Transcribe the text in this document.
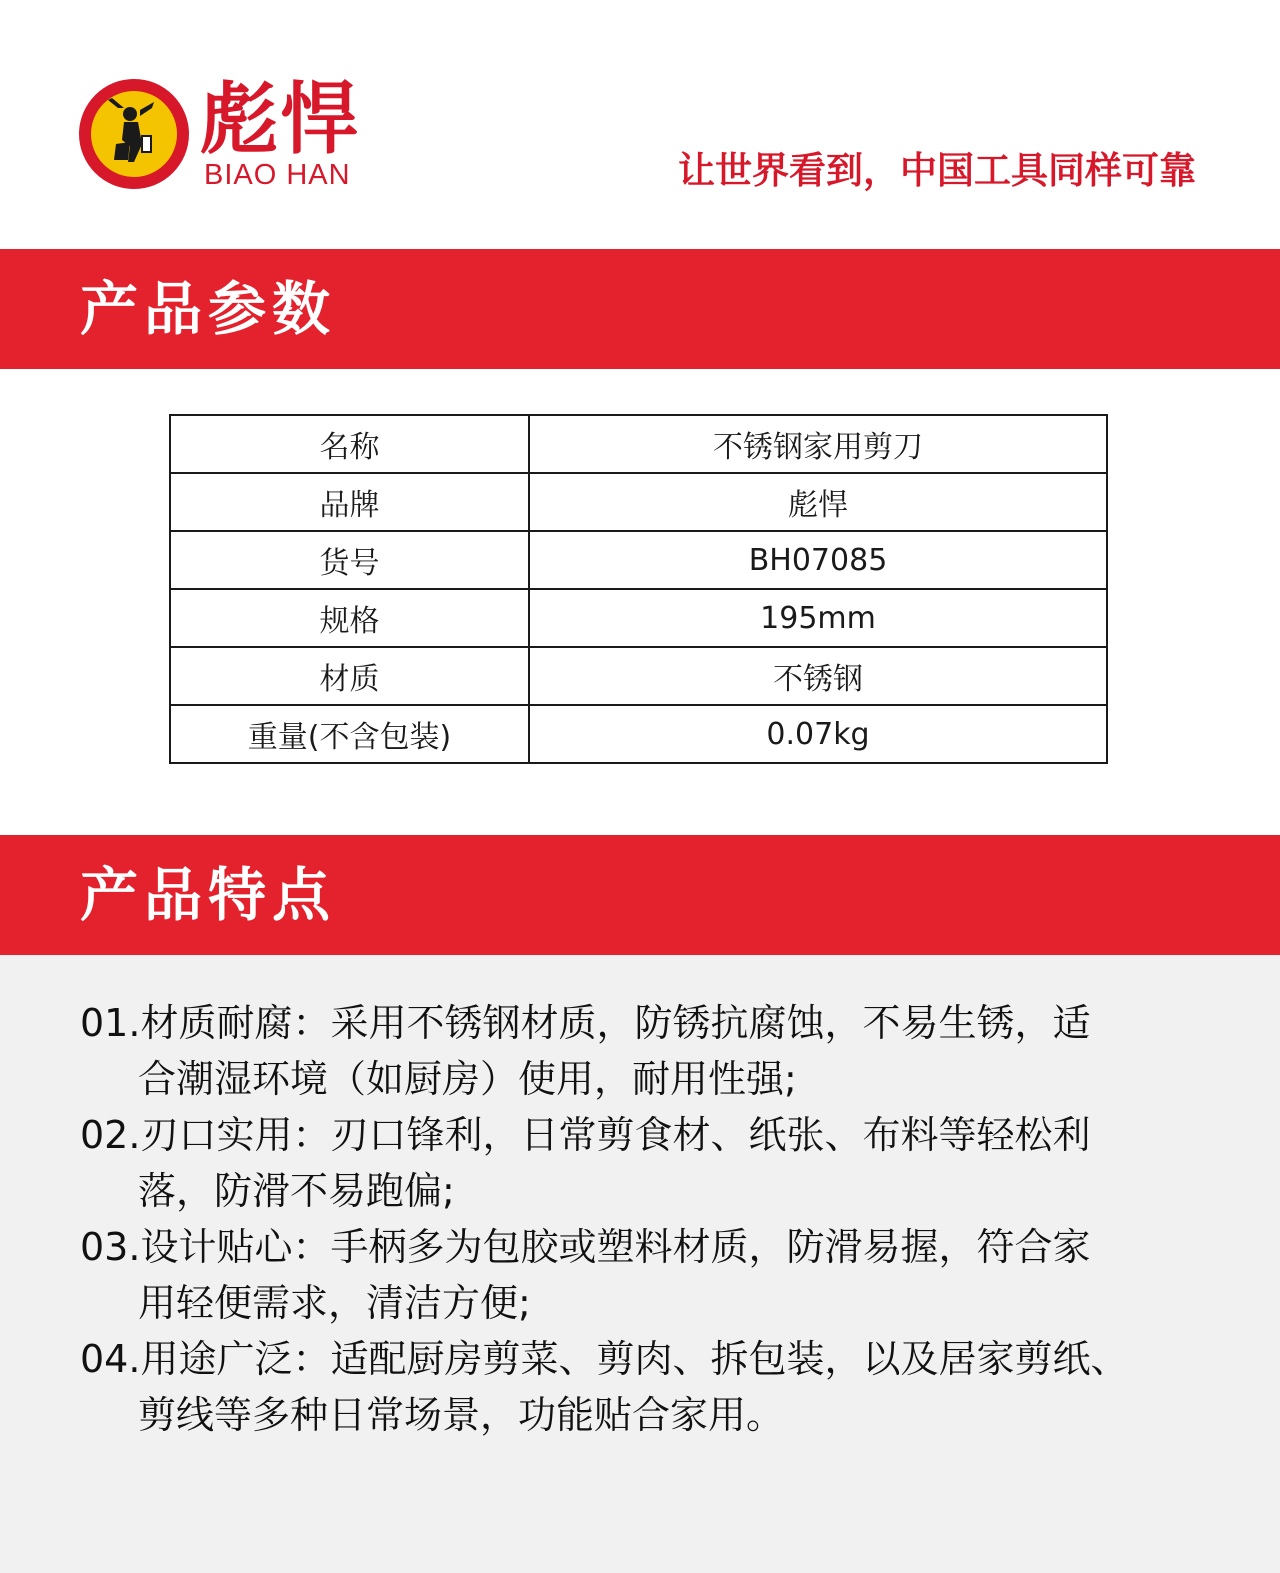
彪悍
BIAO HAN	让世界看到，中国工具同样可靠
产品参数
名称	不锈钢家用剪刀
品牌	彪悍
货号	BH07085
规格	195mm
材质	不锈钢
重量(不含包装)	0.07kg
产品特点
01.材质耐腐：采用不锈钢材质，防锈抗腐蚀，不易生锈，适
合潮湿环境（如厨房）使用，耐用性强;
02.刃口实用：刃口锋利，日常剪食材、纸张、布料等轻松利
落，防滑不易跑偏;
03.设计贴心：手柄多为包胶或塑料材质，防滑易握，符合家
用轻便需求，清洁方便;
04.用途广泛：适配厨房剪菜、剪肉、拆包装，以及居家剪纸、
剪线等多种日常场景，功能贴合家用。
